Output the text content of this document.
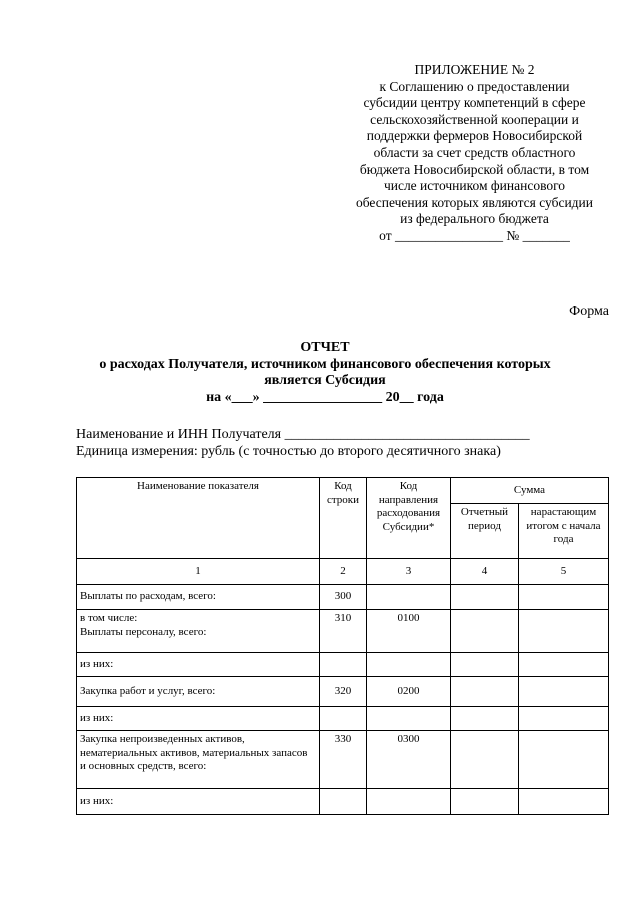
ПРИЛОЖЕНИЕ № 2
к Соглашению о предоставлении
субсидии центру компетенций в сфере
сельскохозяйственной кооперации и
поддержки фермеров Новосибирской
области за счет средств областного
бюджета Новосибирской области, в том
числе источником финансового
обеспечения которых являются субсидии
из федерального бюджета
от ________________ № _______
Форма
ОТЧЕТ
о расходах Получателя, источником финансового обеспечения которых
является Субсидия
на «___» _________________ 20__ года
Наименование и ИНН Получателя ___________________________________
Единица измерения: рубль (с точностью до второго десятичного знака)
Наименование показателя	Код строки	Код направления расходования Субсидии*	Сумма	
			Отчетный период	нарастающим итогом с начала года
1	2	3	4	5
Выплаты по расходам, всего:	300			

в том числе:
Выплаты персоналу, всего:	310	0100		
из них:				
Закупка работ и услуг, всего:	320	0200		
из них:				
Закупка непроизведенных активов, нематериальных активов, материальных запасов и основных средств, всего:	330	0300		
из них:				
